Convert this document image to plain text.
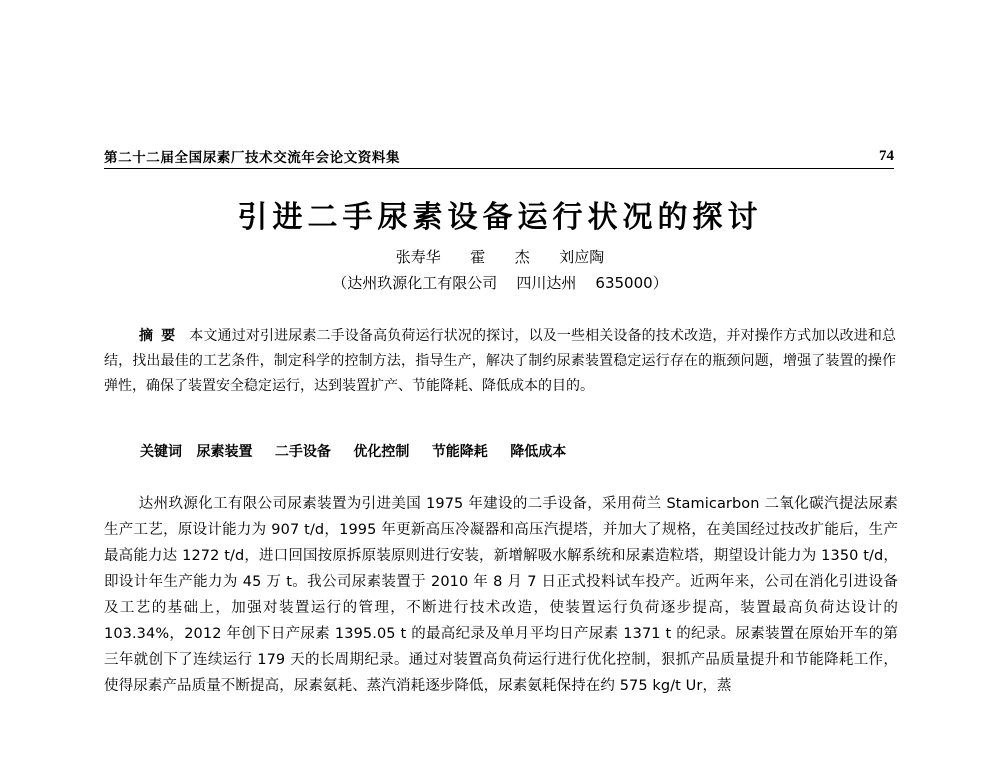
第二十二届全国尿素厂技术交流年会论文资料集	74
引进二手尿素设备运行状况的探讨
张寿华  霍  杰  刘应陶
（达州玖源化工有限公司    四川达州    635000）
摘要 本文通过对引进尿素二手设备高负荷运行状况的探讨，以及一些相关设备的技术改造，并对操作方式加以改进和总结，找出最佳的工艺条件，制定科学的控制方法，指导生产，解决了制约尿素装置稳定运行存在的瓶颈问题，增强了装置的操作弹性，确保了装置安全稳定运行，达到装置扩产、节能降耗、降低成本的目的。
关键词 尿素装置 二手设备 优化控制 节能降耗 降低成本
达州玖源化工有限公司尿素装置为引进美国 1975 年建设的二手设备，采用荷兰 Stamicarbon 二氧化碳汽提法尿素生产工艺，原设计能力为 907 t/d，1995 年更新高压冷凝器和高压汽提塔，并加大了规格，在美国经过技改扩能后，生产最高能力达 1272 t/d，进口回国按原拆原装原则进行安装，新增解吸水解系统和尿素造粒塔，期望设计能力为 1350 t/d，即设计年生产能力为 45 万 t。我公司尿素装置于 2010 年 8 月 7 日正式投料试车投产。近两年来，公司在消化引进设备及工艺的基础上，加强对装置运行的管理，不断进行技术改造，使装置运行负荷逐步提高，装置最高负荷达设计的 103.34%，2012 年创下日产尿素 1395.05 t 的最高纪录及单月平均日产尿素 1371 t 的纪录。尿素装置在原始开车的第三年就创下了连续运行 179 天的长周期纪录。通过对装置高负荷运行进行优化控制，狠抓产品质量提升和节能降耗工作，使得尿素产品质量不断提高，尿素氨耗、蒸汽消耗逐步降低，尿素氨耗保持在约 575 kg/t Ur，蒸
